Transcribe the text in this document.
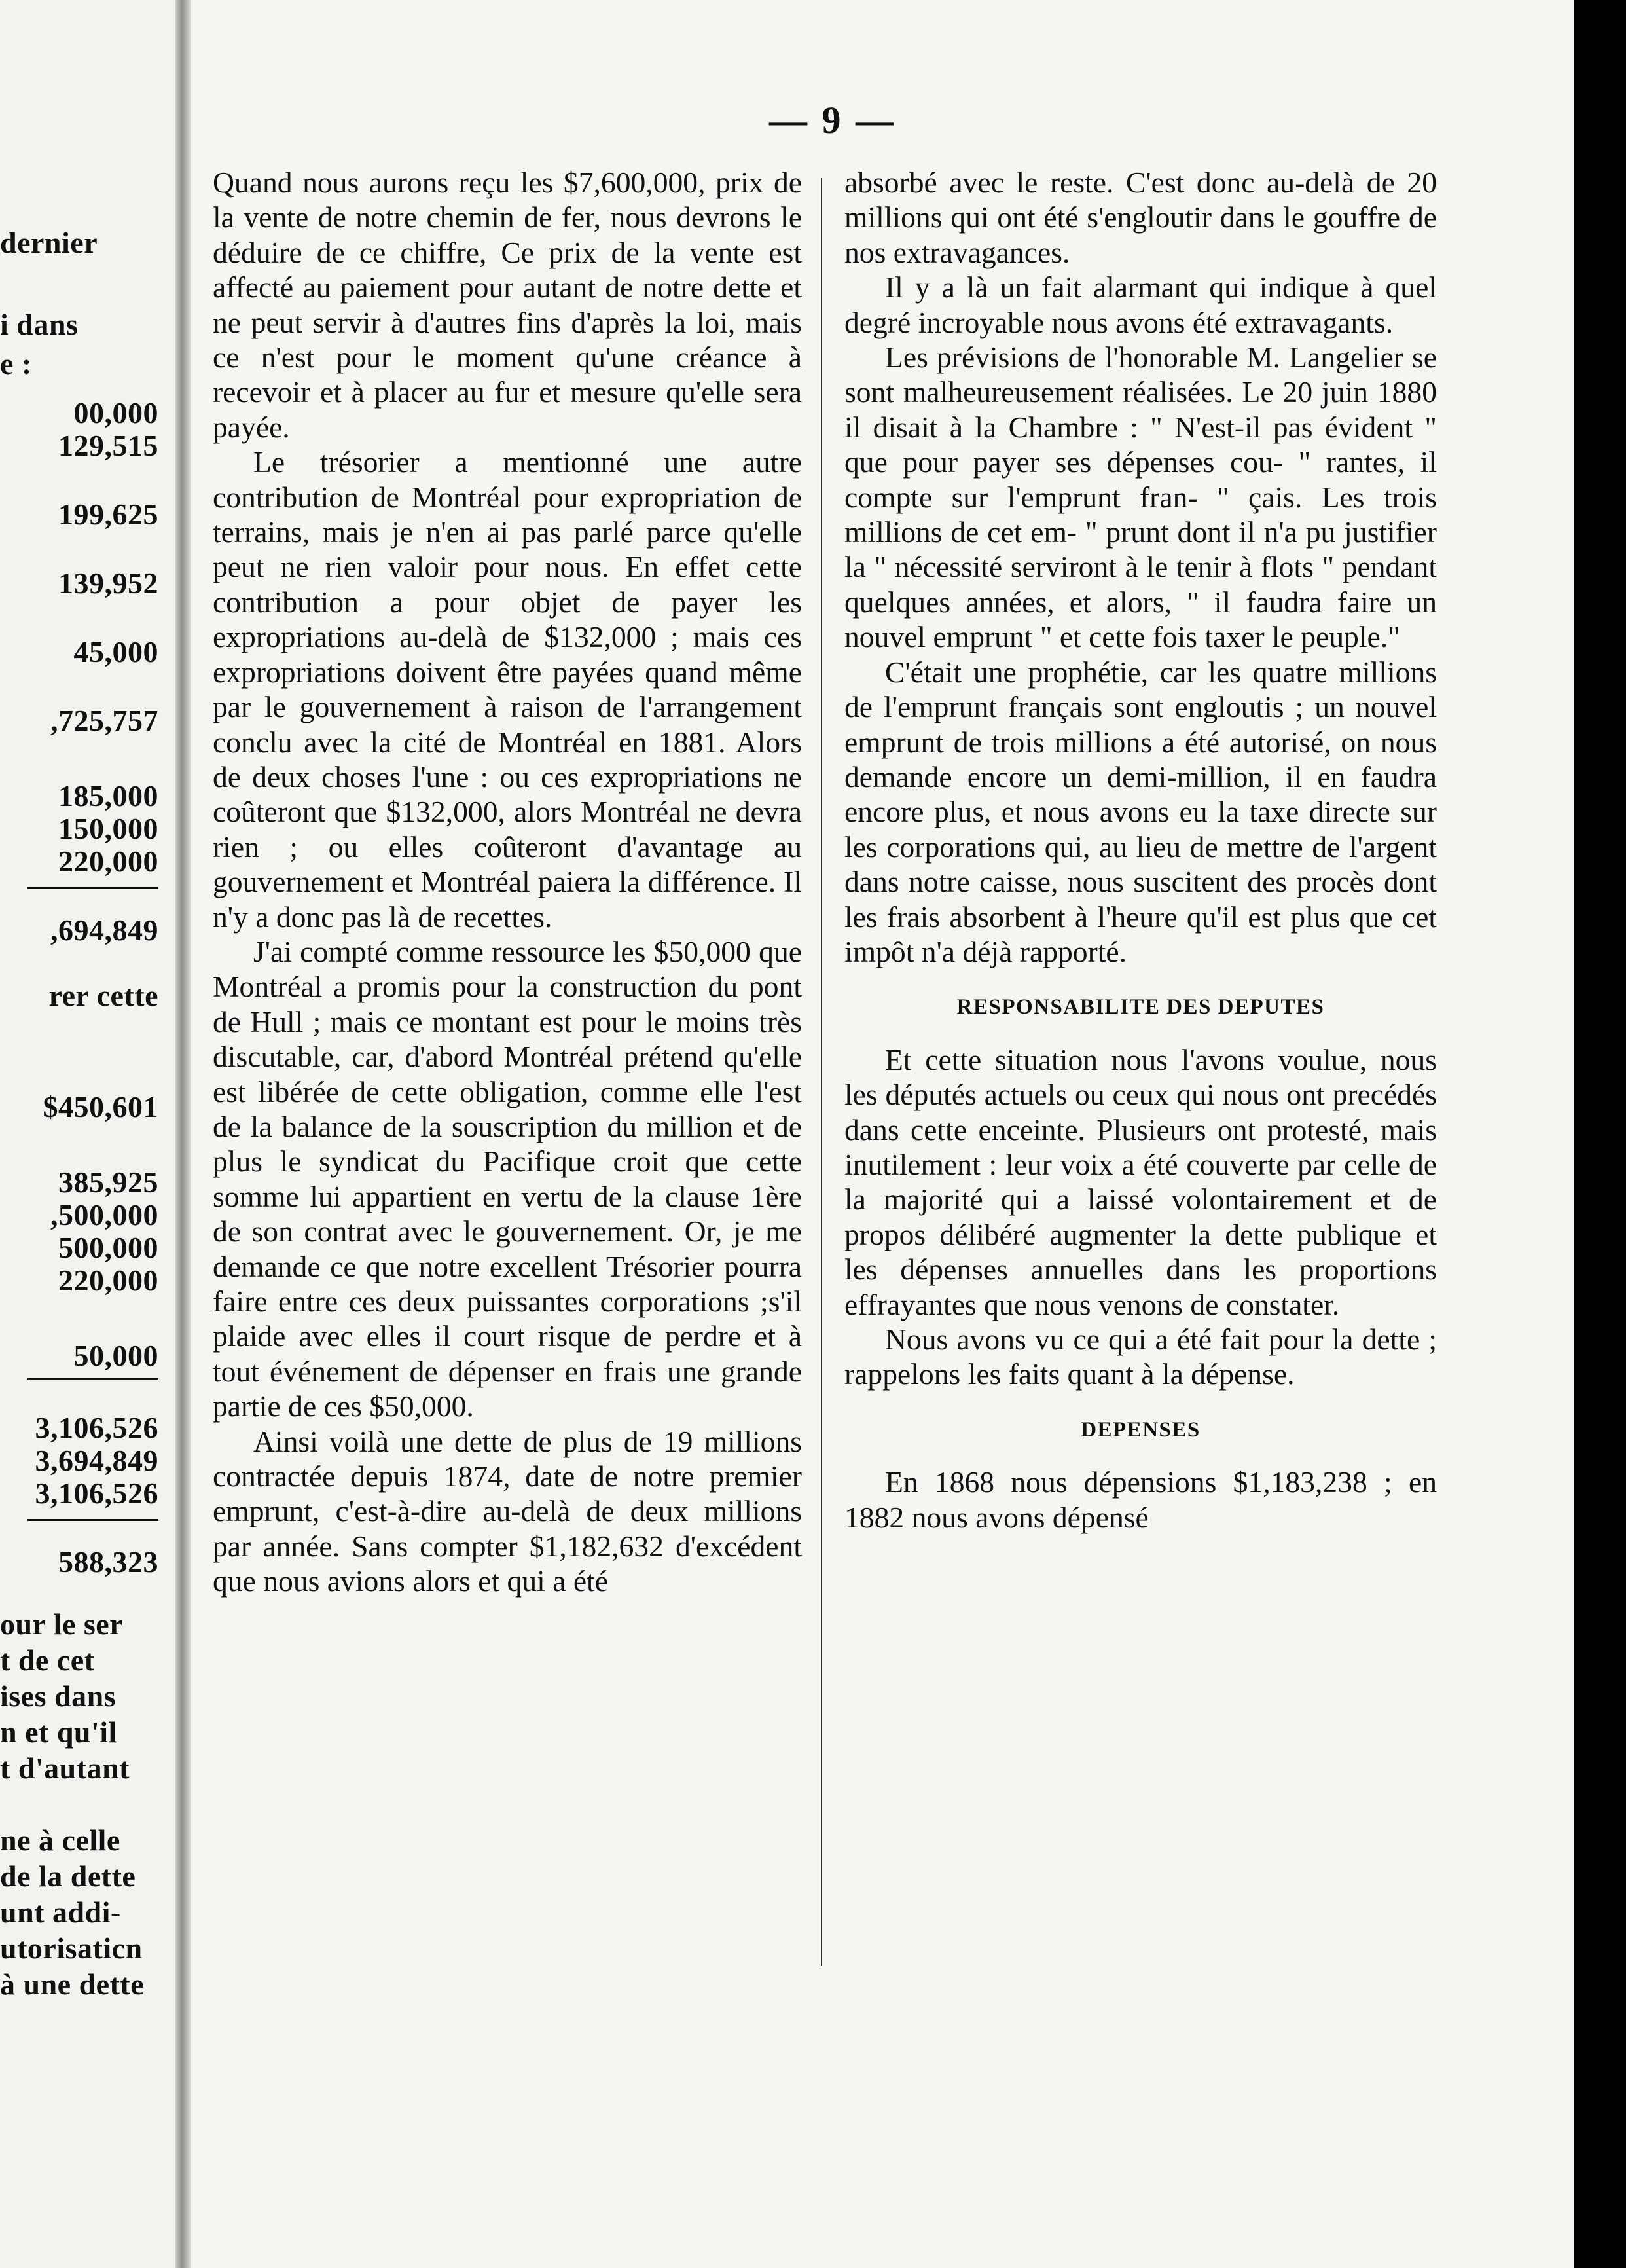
dernier
i dans
e :
00,000
129,515
199,625
139,952
45,000
,725,757
185,000
150,000
220,000
,694,849
rer cette
$450,601
385,925
,500,000
500,000
220,000
50,000
3,106,526
3,694,849
3,106,526
588,323
our le ser
t de cet
ises dans
n et qu'il
t d'autant
ne à celle
de la dette
unt addi-
utorisaticn
à une dette
— 9 —

Quand nous aurons reçu les $7,600,000, prix de la vente de notre chemin de fer, nous devrons le déduire de ce chiffre, Ce prix de la vente est affecté au paiement pour autant de notre dette et ne peut servir à d'autres fins d'après la loi, mais ce n'est pour le moment qu'une créance à recevoir et à placer au fur et mesure qu'elle sera payée.

Le trésorier a mentionné une autre contribution de Montréal pour expropriation de terrains, mais je n'en ai pas parlé parce qu'elle peut ne rien valoir pour nous. En effet cette contribution a pour objet de payer les expropriations au-delà de $132,000 ; mais ces expropriations doivent être payées quand même par le gouvernement à raison de l'arrangement conclu avec la cité de Montréal en 1881. Alors de deux choses l'une : ou ces expropriations ne coûteront que $132,000, alors Montréal ne devra rien ; ou elles coûteront d'avantage au gouvernement et Montréal paiera la différence. Il n'y a donc pas là de recettes.

J'ai compté comme ressource les $50,000 que Montréal a promis pour la construction du pont de Hull ; mais ce montant est pour le moins très discutable, car, d'abord Montréal prétend qu'elle est libérée de cette obligation, comme elle l'est de la balance de la souscription du million et de plus le syndicat du Pacifique croit que cette somme lui appartient en vertu de la clause 1ère de son contrat avec le gouvernement. Or, je me demande ce que notre excellent Trésorier pourra faire entre ces deux puissantes corporations ;s'il plaide avec elles il court risque de perdre et à tout événement de dépenser en frais une grande partie de ces $50,000.

Ainsi voilà une dette de plus de 19 millions contractée depuis 1874, date de notre premier emprunt, c'est-à-dire au-delà de deux millions par année. Sans compter $1,182,632 d'excédent que nous avions alors et qui a été

absorbé avec le reste. C'est donc au-delà de 20 millions qui ont été s'engloutir dans le gouffre de nos extravagances.

Il y a là un fait alarmant qui indique à quel degré incroyable nous avons été extravagants.

Les prévisions de l'honorable M. Langelier se sont malheureusement réalisées. Le 20 juin 1880 il disait à la Chambre : " N'est-il pas évident " que pour payer ses dépenses cou- " rantes, il compte sur l'emprunt fran- " çais. Les trois millions de cet em- " prunt dont il n'a pu justifier la " nécessité serviront à le tenir à flots " pendant quelques années, et alors, " il faudra faire un nouvel emprunt " et cette fois taxer le peuple."

C'était une prophétie, car les quatre millions de l'emprunt français sont engloutis ; un nouvel emprunt de trois millions a été autorisé, on nous demande encore un demi-million, il en faudra encore plus, et nous avons eu la taxe directe sur les corporations qui, au lieu de mettre de l'argent dans notre caisse, nous suscitent des procès dont les frais absorbent à l'heure qu'il est plus que cet impôt n'a déjà rapporté.

RESPONSABILITE DES DEPUTES

Et cette situation nous l'avons voulue, nous les députés actuels ou ceux qui nous ont precédés dans cette enceinte. Plusieurs ont protesté, mais inutilement : leur voix a été couverte par celle de la majorité qui a laissé volontairement et de propos délibéré augmenter la dette publique et les dépenses annuelles dans les proportions effrayantes que nous venons de constater.

Nous avons vu ce qui a été fait pour la dette ; rappelons les faits quant à la dépense.

DEPENSES

En 1868 nous dépensions $1,183,238 ; en 1882 nous avons dépensé
